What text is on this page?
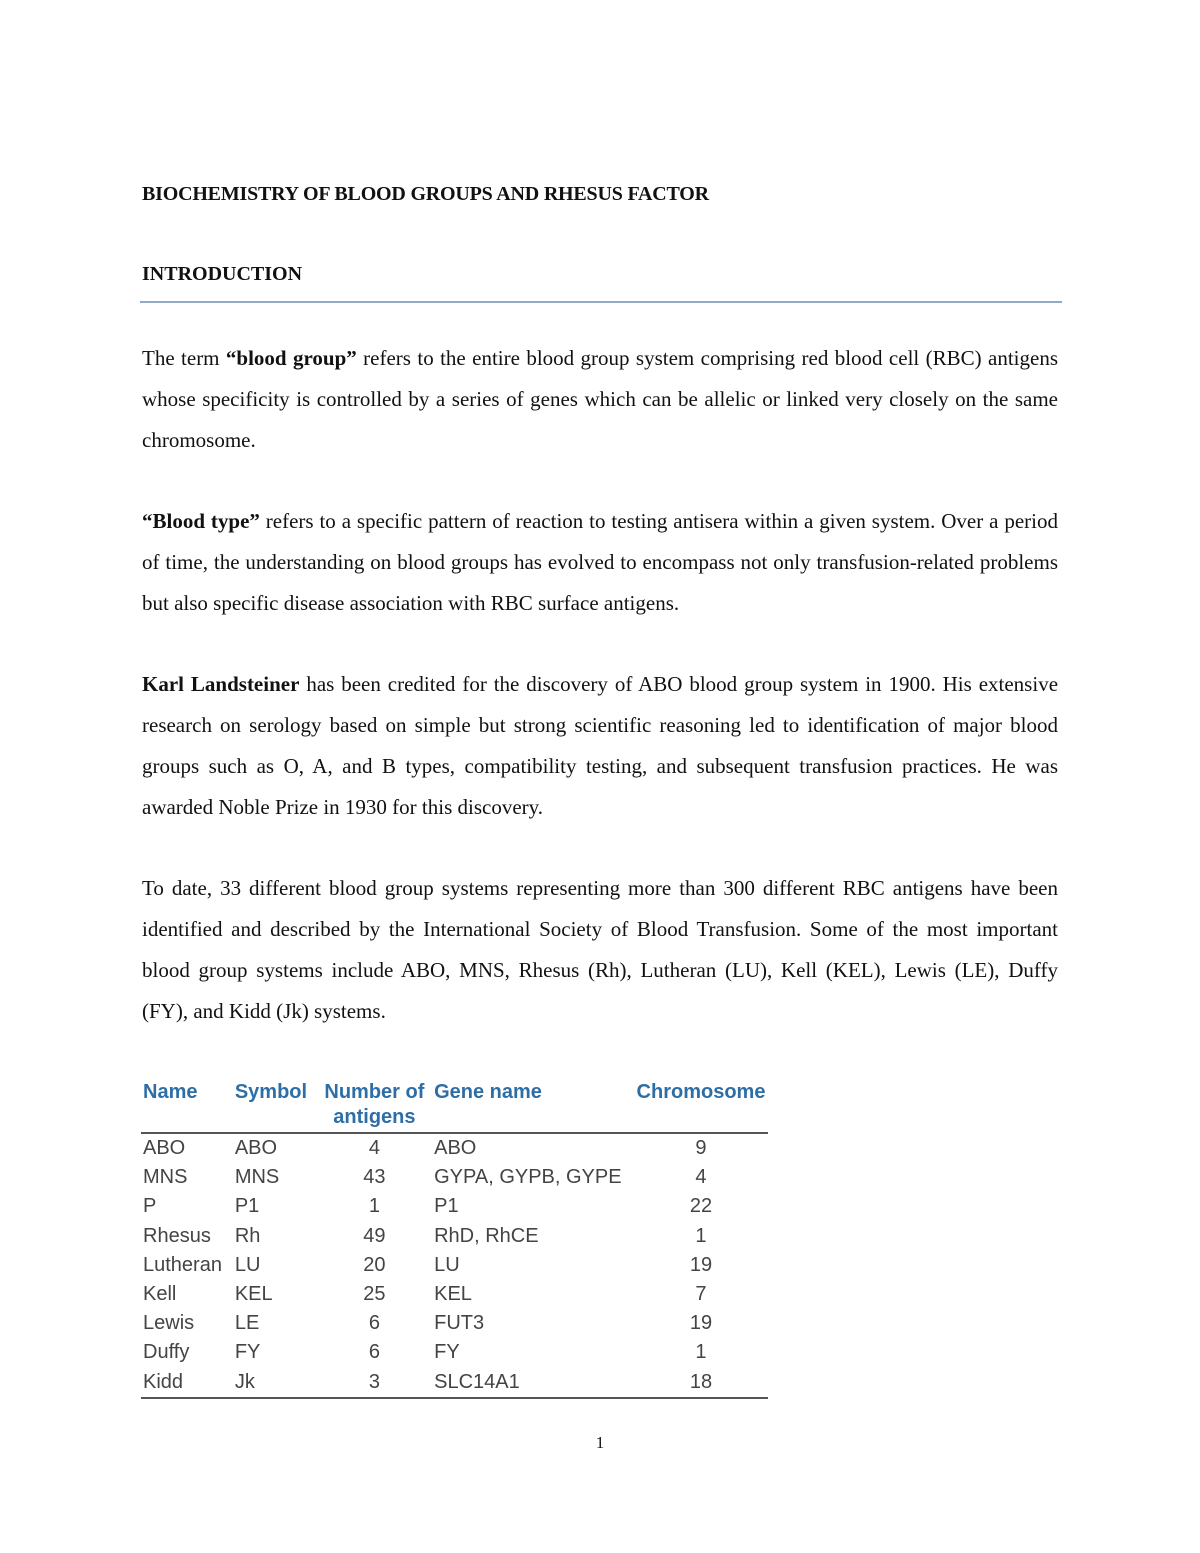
BIOCHEMISTRY OF BLOOD GROUPS AND RHESUS FACTOR
INTRODUCTION

The term “blood group” refers to the entire blood group system comprising red blood cell (RBC) antigens whose specificity is controlled by a series of genes which can be allelic or linked very closely on the same chromosome.

“Blood type” refers to a specific pattern of reaction to testing antisera within a given system. Over a period of time, the understanding on blood groups has evolved to encompass not only transfusion-related problems but also specific disease association with RBC surface antigens.

Karl Landsteiner has been credited for the discovery of ABO blood group system in 1900. His extensive research on serology based on simple but strong scientific reasoning led to identification of major blood groups such as O, A, and B types, compatibility testing, and subsequent transfusion practices. He was awarded Noble Prize in 1930 for this discovery.

To date, 33 different blood group systems representing more than 300 different RBC antigens have been identified and described by the International Society of Blood Transfusion. Some of the most important blood group systems include ABO, MNS, Rhesus (Rh), Lutheran (LU), Kell (KEL), Lewis (LE), Duffy (FY), and Kidd (Jk) systems.

Name	Symbol	Number of antigens	Gene name	Chromosome
ABO	ABO	4	ABO	9
MNS	MNS	43	GYPA, GYPB, GYPE	4
P	P1	1	P1	22
Rhesus	Rh	49	RhD, RhCE	1
Lutheran	LU	20	LU	19
Kell	KEL	25	KEL	7
Lewis	LE	6	FUT3	19
Duffy	FY	6	FY	1
Kidd	Jk	3	SLC14A1	18
1
